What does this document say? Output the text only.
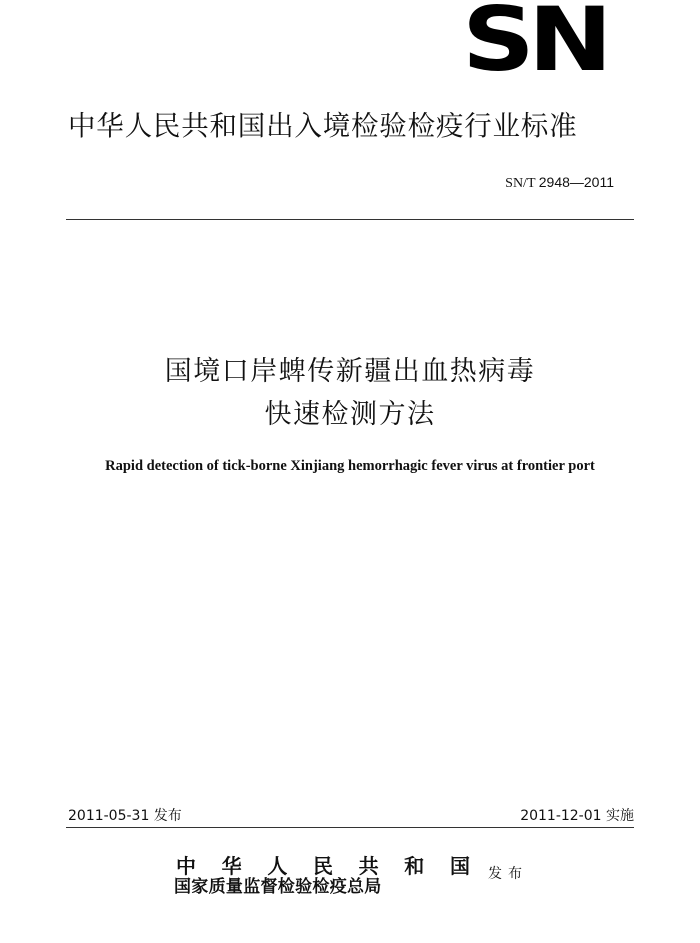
SN
中华人民共和国出入境检验检疫行业标准
SN/T 2948—2011
国境口岸蜱传新疆出血热病毒
快速检测方法
Rapid detection of tick-borne Xinjiang hemorrhagic fever virus at frontier port
2011-05-31 发布	2011-12-01 实施
中 华 人 民 共 和 国
国家质量监督检验检疫总局
发布
